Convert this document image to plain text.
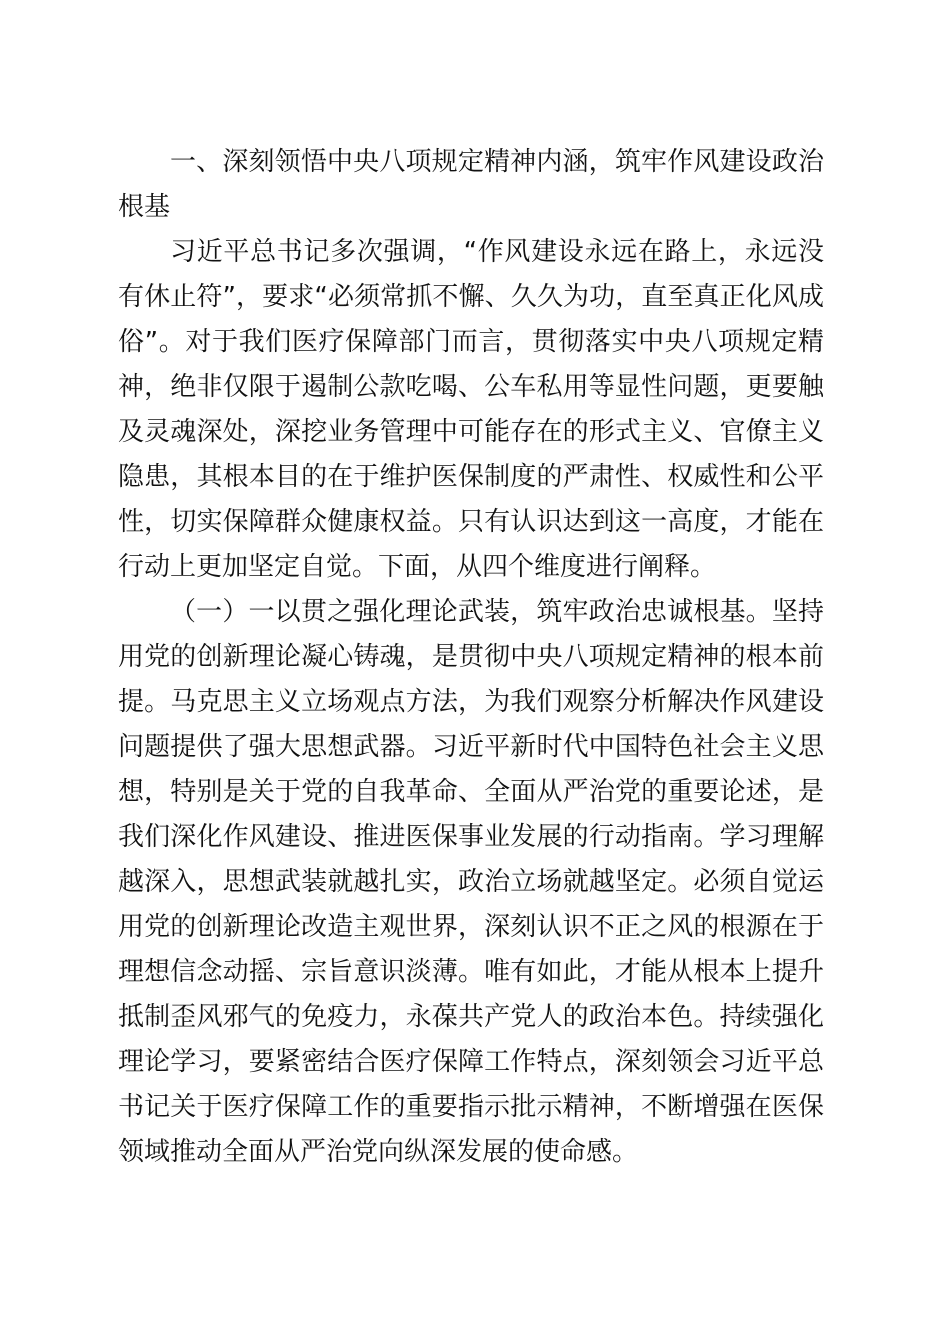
一、深刻领悟中央八项规定精神内涵，筑牢作风建设政治根基

习近平总书记多次强调，“作风建设永远在路上，永远没有休止符”，要求“必须常抓不懈、久久为功，直至真正化风成俗”。对于我们医疗保障部门而言，贯彻落实中央八项规定精神，绝非仅限于遏制公款吃喝、公车私用等显性问题，更要触及灵魂深处，深挖业务管理中可能存在的形式主义、官僚主义隐患，其根本目的在于维护医保制度的严肃性、权威性和公平性，切实保障群众健康权益。只有认识达到这一高度，才能在行动上更加坚定自觉。下面，从四个维度进行阐释。

（一）一以贯之强化理论武装，筑牢政治忠诚根基。坚持用党的创新理论凝心铸魂，是贯彻中央八项规定精神的根本前提。马克思主义立场观点方法，为我们观察分析解决作风建设问题提供了强大思想武器。习近平新时代中国特色社会主义思想，特别是关于党的自我革命、全面从严治党的重要论述，是我们深化作风建设、推进医保事业发展的行动指南。学习理解越深入，思想武装就越扎实，政治立场就越坚定。必须自觉运用党的创新理论改造主观世界，深刻认识不正之风的根源在于理想信念动摇、宗旨意识淡薄。唯有如此，才能从根本上提升抵制歪风邪气的免疫力，永葆共产党人的政治本色。持续强化理论学习，要紧密结合医疗保障工作特点，深刻领会习近平总书记关于医疗保障工作的重要指示批示精神，不断增强在医保领域推动全面从严治党向纵深发展的使命感。
